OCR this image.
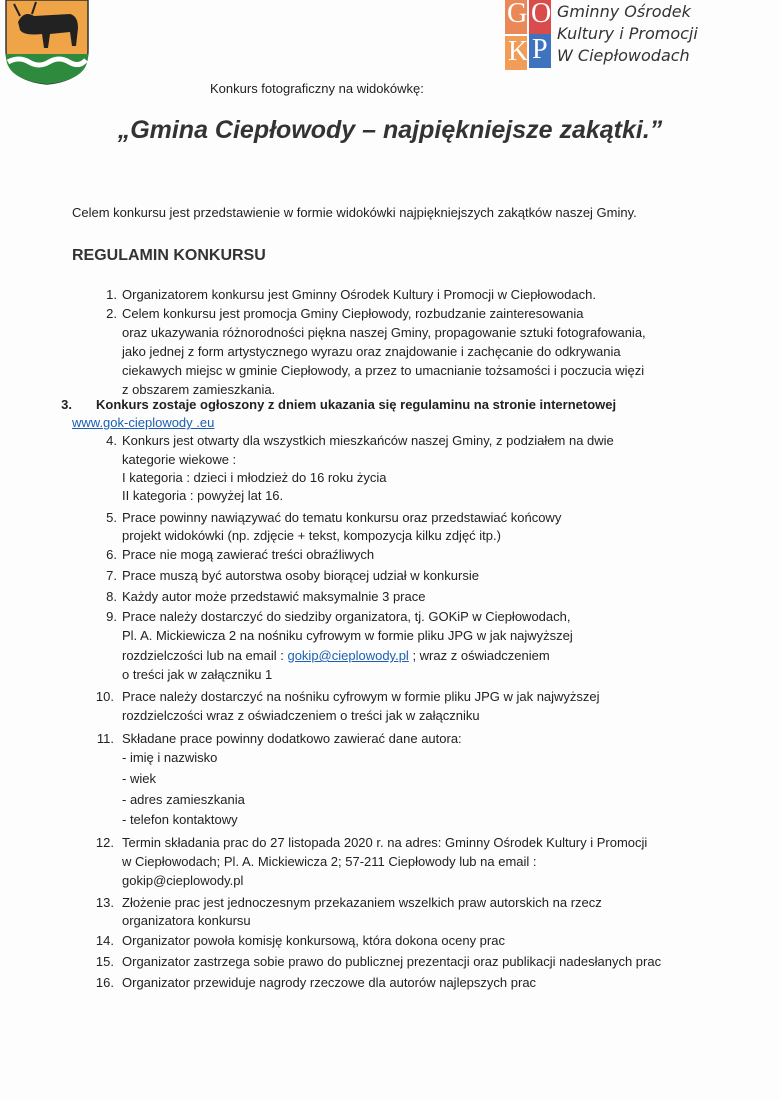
G O
K P
Gminny Ośrodek
Kultury i Promocji
W Ciepłowodach
Konkurs fotograficzny na widokówkę:
„Gmina Ciepłowody – najpiękniejsze zakątki.”
Celem konkursu jest przedstawienie w formie widokówki najpiękniejszych zakątków naszej Gminy.
REGULAMIN KONKURSU
1. Organizatorem konkursu jest Gminny Ośrodek Kultury i Promocji w Ciepłowodach.
2. Celem konkursu jest promocja Gminy Ciepłowody, rozbudzanie zainteresowania
oraz ukazywania różnorodności piękna naszej Gminy, propagowanie sztuki fotografowania,
jako jednej z form artystycznego wyrazu oraz znajdowanie i zachęcanie do odkrywania
ciekawych miejsc w gminie Ciepłowody, a przez to umacnianie tożsamości i poczucia więzi
z obszarem zamieszkania.
3. Konkurs zostaje ogłoszony z dniem ukazania się regulaminu na stronie internetowej
www.gok-cieplowody .eu
4. Konkurs jest otwarty dla wszystkich mieszkańców naszej Gminy, z podziałem na dwie
kategorie wiekowe :
I kategoria : dzieci i młodzież do 16 roku życia
II kategoria : powyżej lat 16.
5. Prace powinny nawiązywać do tematu konkursu oraz przedstawiać końcowy
projekt widokówki (np. zdjęcie + tekst, kompozycja kilku zdjęć itp.)
6. Prace nie mogą zawierać treści obraźliwych
7. Prace muszą być autorstwa osoby biorącej udział w konkursie
8. Każdy autor może przedstawić maksymalnie 3 prace
9. Prace należy dostarczyć do siedziby organizatora, tj. GOKiP w Ciepłowodach,
Pl. A. Mickiewicza 2 na nośniku cyfrowym w formie pliku JPG w jak najwyższej
rozdzielczości lub na email : gokip@cieplowody.pl ; wraz z oświadczeniem
o treści jak w załączniku 1
10. Prace należy dostarczyć na nośniku cyfrowym w formie pliku JPG w jak najwyższej
rozdzielczości wraz z oświadczeniem o treści jak w załączniku
11. Składane prace powinny dodatkowo zawierać dane autora:
- imię i nazwisko
- wiek
- adres zamieszkania
- telefon kontaktowy
12. Termin składania prac do 27 listopada 2020 r. na adres: Gminny Ośrodek Kultury i Promocji
w Ciepłowodach; Pl. A. Mickiewicza 2; 57-211 Ciepłowody lub na email :
gokip@cieplowody.pl
13. Złożenie prac jest jednoczesnym przekazaniem wszelkich praw autorskich na rzecz
organizatora konkursu
14. Organizator powoła komisję konkursową, która dokona oceny prac
15. Organizator zastrzega sobie prawo do publicznej prezentacji oraz publikacji nadesłanych prac
16. Organizator przewiduje nagrody rzeczowe dla autorów najlepszych prac
